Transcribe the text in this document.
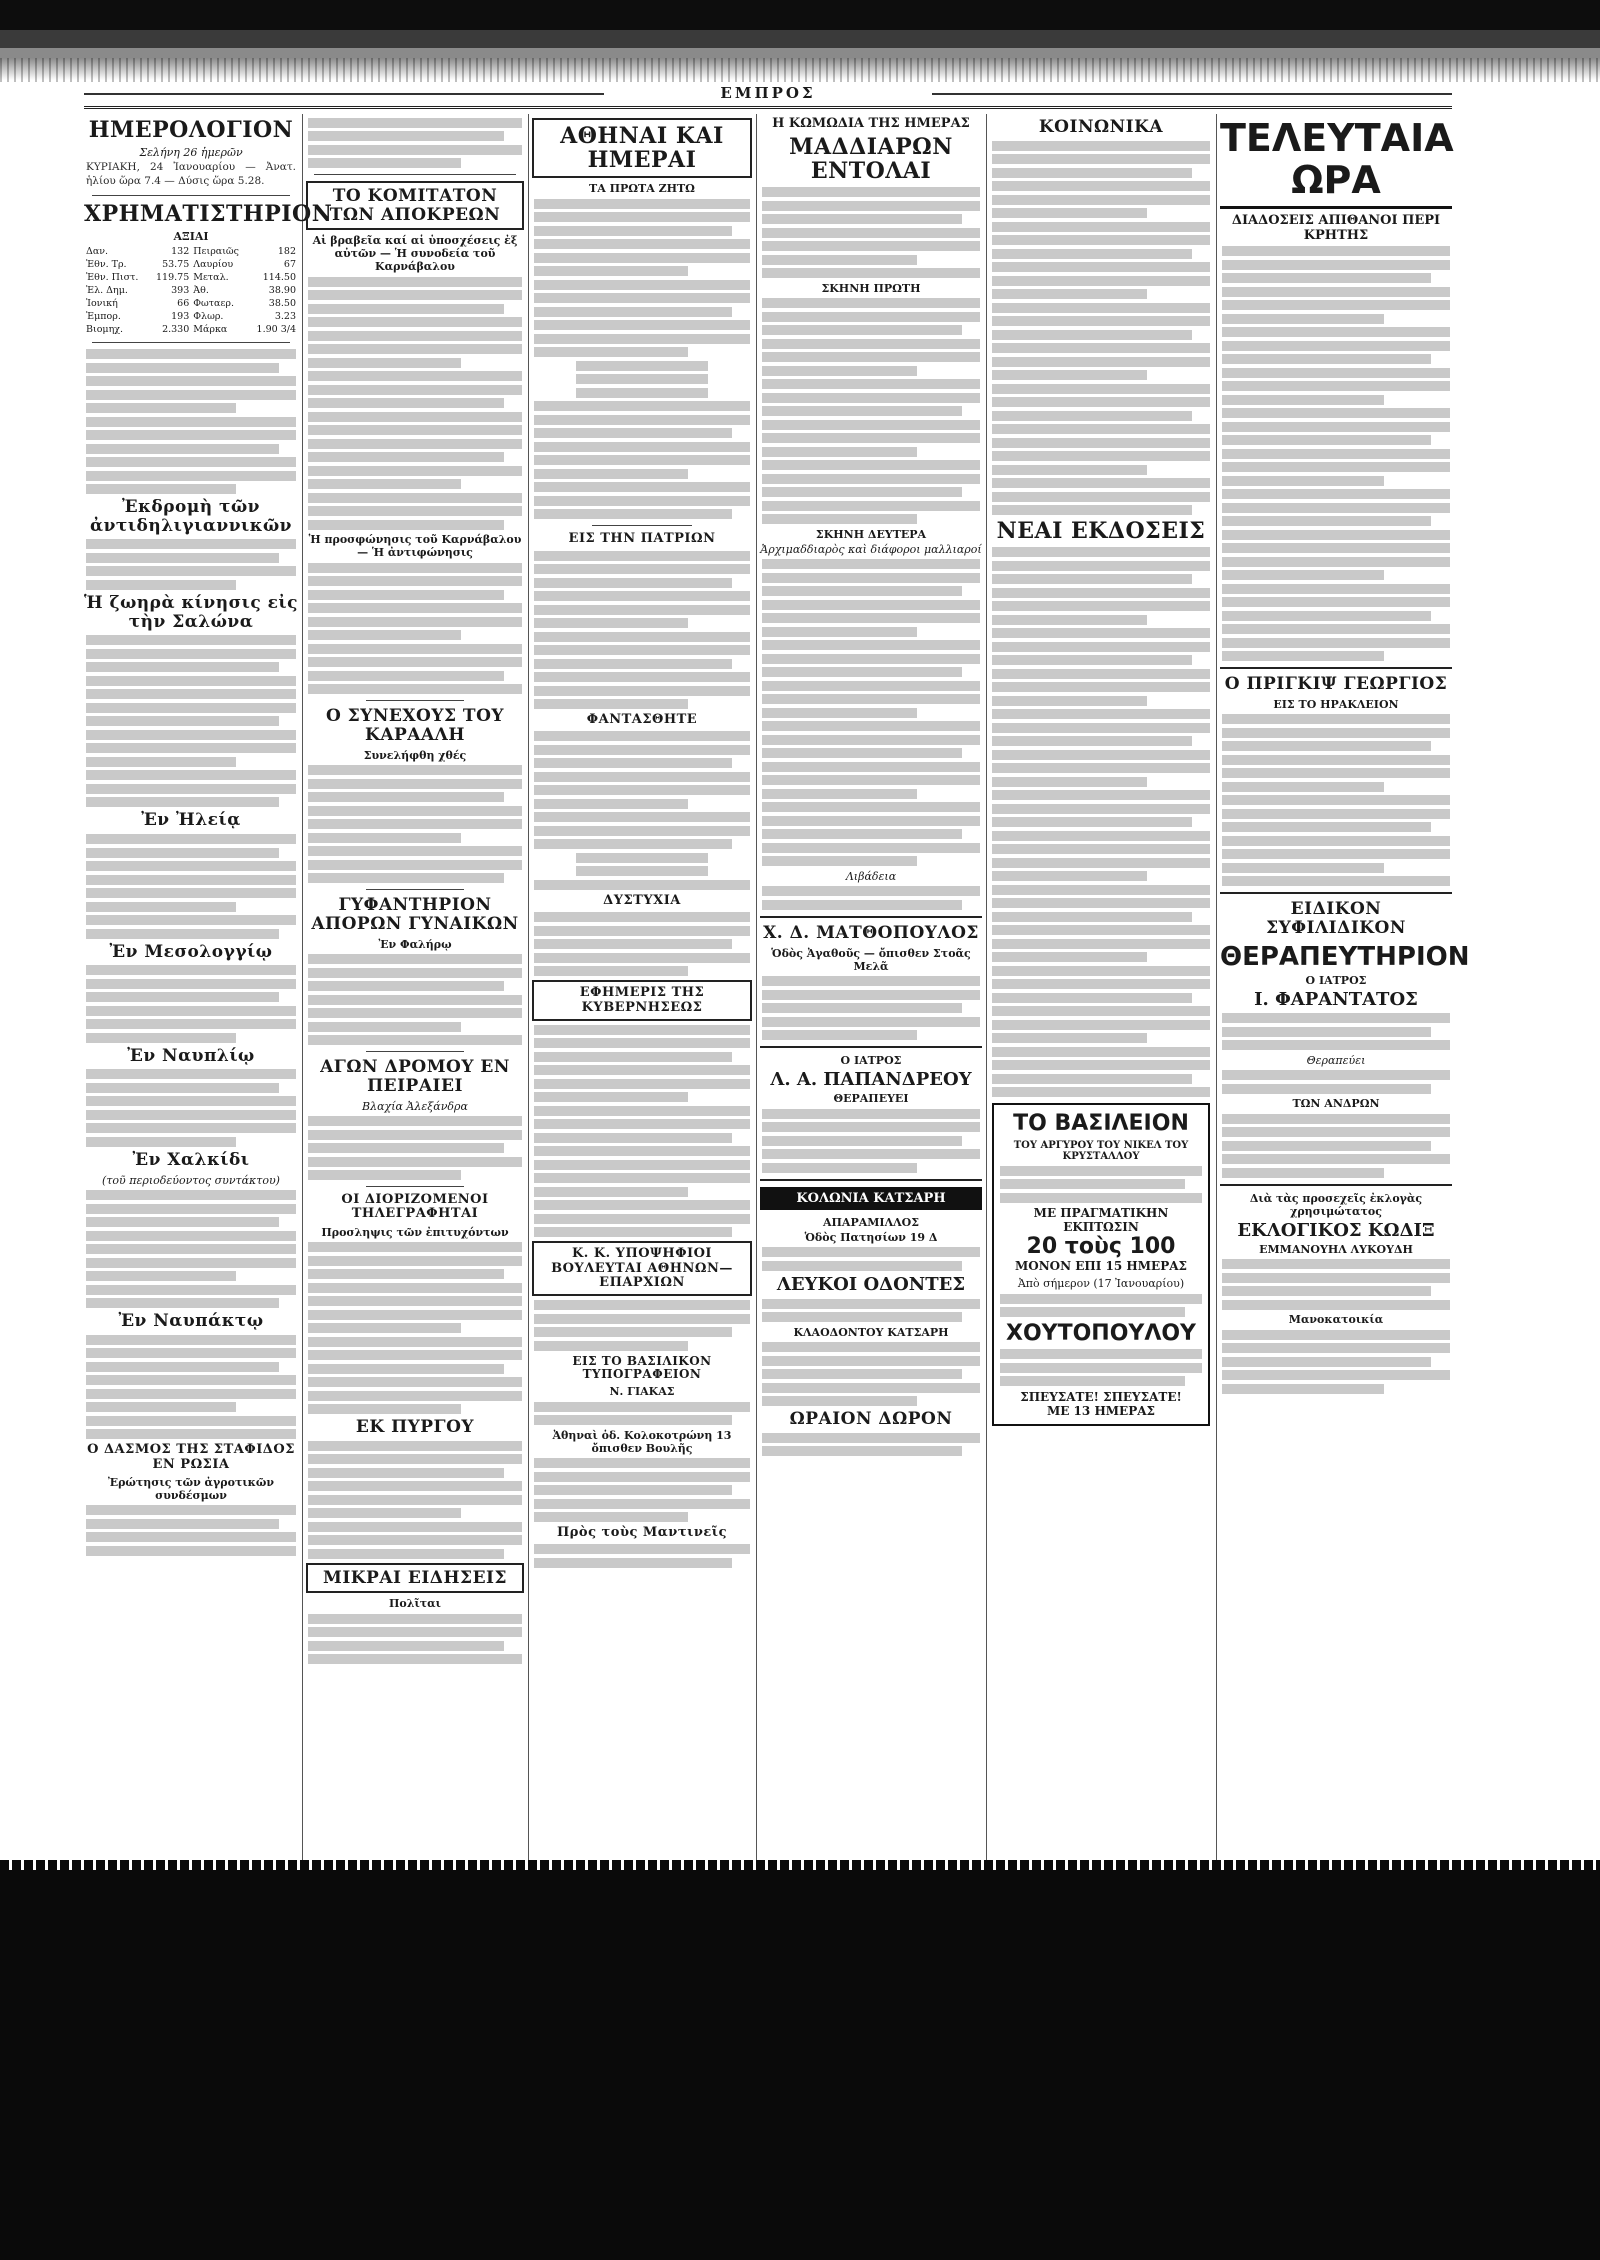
ΕΜΠΡΟΣ
ΗΜΕΡΟΛΟΓΙΟΝ
Σελήνη 26 ἡμερῶν
ΚΥΡΙΑΚΗ, 24 Ἰανουαρίου — Ἀνατ. ἡλίου ὥρα 7.4 — Δύσις ὥρα 5.28.
ΧΡΗΜΑΤΙΣΤΗΡΙΟΝ
ΑΞΙΑΙ
Δαν.	132	Πειραιῶς	182
Ἐθν. Τρ.	53.75	Λαυρίου	67
Ἐθν. Πιστ.	119.75	Μεταλ.	114.50
Ἐλ. Δημ.	393	Ἀθ.	38.90
Ἰονική	66	Φωταερ.	38.50
Ἐμπορ.	193	Φλωρ.	3.23
Βιομηχ.	2.330	Μάρκα	1.90 3/4
Ἐκδρομὴ τῶν ἀντιδηλιγιαννικῶν
Ἡ ζωηρὰ κίνησις εἰς τὴν Σαλώνα
Ἐν Ἠλείᾳ
Ἐν Μεσολογγίῳ
Ἐν Ναυπλίῳ
Ἐν Χαλκίδι
(τοῦ περιοδεύοντος συντάκτου)
Ἐν Ναυπάκτῳ
Ο ΔΑΣΜΟΣ ΤΗΣ ΣΤΑΦΙΔΟΣ ΕΝ ΡΩΣΙΑ
Ἐρώτησις τῶν ἀγροτικῶν συνδέσμων
ΤΟ ΚΟΜΙΤΑΤΟΝ ΤΩΝ ΑΠΟΚΡΕΩΝ
Αἱ βραβεῖα καί αἱ ὑποσχέσεις ἐξ αὐτῶν — Ἡ συνοδεία τοῦ Καρνάβαλου
Ἡ προσφώνησις τοῦ Καρνάβαλου — Ἡ ἀντιφώνησις
Ο ΣΥΝΕΧΟΥΣ ΤΟΥ ΚΑΡΑΑΛΗ
Συνελήφθη χθές
ΓΥΦΑΝΤΗΡΙΟΝ ΑΠΟΡΩΝ ΓΥΝΑΙΚΩΝ
Ἐν Φαλήρῳ
ΑΓΩΝ ΔΡΟΜΟΥ ΕΝ ΠΕΙΡΑΙΕΙ
Βλαχία Ἀλεξάνδρα
ΟΙ ΔΙΟΡΙΖΟΜΕΝΟΙ ΤΗΛΕΓΡΑΦΗΤΑΙ
Προσληψις τῶν ἐπιτυχόντων
ΕΚ ΠΥΡΓΟΥ
ΜΙΚΡΑΙ ΕΙΔΗΣΕΙΣ
Πολῖται
ΑΘΗΝΑΙ ΚΑΙ ΗΜΕΡΑΙ
ΤΑ ΠΡΩΤΑ ΖΗΤΩ
ΕΙΣ ΤΗΝ ΠΑΤΡΙΩΝ
ΦΑΝΤΑΣΘΗΤΕ
ΔΥΣΤΥΧΙΑ
ΕΦΗΜΕΡΙΣ ΤΗΣ ΚΥΒΕΡΝΗΣΕΩΣ
Κ. Κ. ΥΠΟΨΗΦΙΟΙ ΒΟΥΛΕΥΤΑΙ ΑΘΗΝΩΝ—ΕΠΑΡΧΙΩΝ
ΕΙΣ ΤΟ ΒΑΣΙΛΙΚΟΝ ΤΥΠΟΓΡΑΦΕΙΟΝ
Ν. ΓΙΑΚΑΣ
Ἀθηναὶ ὁδ. Κολοκοτρώνη 13 ὄπισθεν Βουλῆς
Πρὸς τοὺς Μαντινεῖς
Η ΚΩΜΩΔΙΑ ΤΗΣ ΗΜΕΡΑΣ
ΜΑΔΔΙΑΡΩΝ ΕΝΤΟΛΑΙ
ΣΚΗΝΗ ΠΡΩΤΗ
ΣΚΗΝΗ ΔΕΥΤΕΡΑ
Ἀρχιμαδδιαρὸς καὶ διάφοροι μαλλιαροί
Λιβάδεια
Χ. Δ. ΜΑΤΘΟΠΟΥΛΟΣ
Ὁδὸς Ἀγαθοῦς — ὄπισθεν Στοᾶς Μελᾶ
Ο ΙΑΤΡΟΣ
Λ. Α. ΠΑΠΑΝΔΡΕΟΥ
ΘΕΡΑΠΕΥΕΙ
ΚΟΛΩΝΙΑ ΚΑΤΣΑΡΗ
ΑΠΑΡΑΜΙΛΛΟΣ
Ὁδὸς Πατησίων 19 Δ
ΛΕΥΚΟΙ ΟΔΟΝΤΕΣ
ΚΛΑΟΔΟΝΤΟΥ ΚΑΤΣΑΡΗ
ΩΡΑΙΟΝ ΔΩΡΟΝ
ΚΟΙΝΩΝΙΚΑ
ΝΕΑΙ ΕΚΔΟΣΕΙΣ
ΤΟ ΒΑΣΙΛΕΙΟΝ
ΤΟΥ ΑΡΓΥΡΟΥ ΤΟΥ ΝΙΚΕΛ ΤΟΥ ΚΡΥΣΤΑΛΛΟΥ
ΜΕ ΠΡΑΓΜΑΤΙΚΗΝ ΕΚΠΤΩΣΙΝ
20 τοὺς 100
ΜΟΝΟΝ ΕΠΙ 15 ΗΜΕΡΑΣ
Ἀπὸ σήμερον (17 Ἰανουαρίου)
ΧΟΥΤΟΠΟΥΛΟΥ
ΣΠΕΥΣΑΤΕ! ΣΠΕΥΣΑΤΕ!
ΜΕ 13 ΗΜΕΡΑΣ
ΤΕΛΕΥΤΑΙΑ ΩΡΑ
ΔΙΑΔΟΣΕΙΣ ΑΠΙΘΑΝΟΙ ΠΕΡΙ ΚΡΗΤΗΣ
Ο ΠΡΙΓΚΙΨ ΓΕΩΡΓΙΟΣ
ΕΙΣ ΤΟ ΗΡΑΚΛΕΙΟΝ
ΕΙΔΙΚΟΝ ΣΥΦΙΛΙΔΙΚΟΝ
ΘΕΡΑΠΕΥΤΗΡΙΟΝ
Ο ΙΑΤΡΟΣ
Ι. ΦΑΡΑΝΤΑΤΟΣ
Θεραπεύει
ΤΩΝ ΑΝΔΡΩΝ
Διὰ τὰς προσεχεῖς ἐκλογὰς χρησιμώτατος
ΕΚΛΟΓΙΚΟΣ ΚΩΔΙΞ
ΕΜΜΑΝΟΥΗΛ ΛΥΚΟΥΔΗ
Μανοκατοικία
